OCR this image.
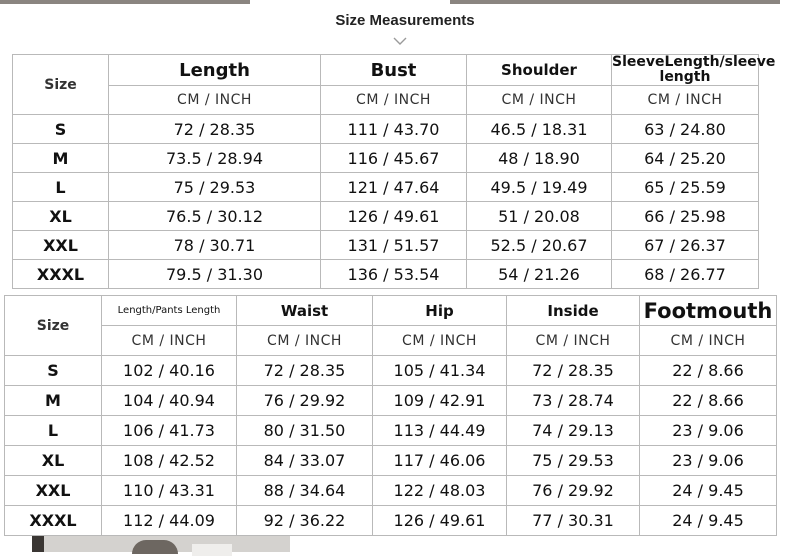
Size Measurements
Size	Length	Bust	Shoulder	SleeveLength/sleeve length
	CM / INCH	CM / INCH	CM / INCH	CM / INCH
S	72 / 28.35	111 / 43.70	46.5 / 18.31	63 / 24.80
M	73.5 / 28.94	116 / 45.67	48 / 18.90	64 / 25.20
L	75 / 29.53	121 / 47.64	49.5 / 19.49	65 / 25.59
XL	76.5 / 30.12	126 / 49.61	51 / 20.08	66 / 25.98
XXL	78 / 30.71	131 / 51.57	52.5 / 20.67	67 / 26.37
XXXL	79.5 / 31.30	136 / 53.54	54 / 21.26	68 / 26.77
Size	Length/Pants Length	Waist	Hip	Inside	Footmouth
	CM / INCH	CM / INCH	CM / INCH	CM / INCH	CM / INCH
S	102 / 40.16	72 / 28.35	105 / 41.34	72 / 28.35	22 / 8.66
M	104 / 40.94	76 / 29.92	109 / 42.91	73 / 28.74	22 / 8.66
L	106 / 41.73	80 / 31.50	113 / 44.49	74 / 29.13	23 / 9.06
XL	108 / 42.52	84 / 33.07	117 / 46.06	75 / 29.53	23 / 9.06
XXL	110 / 43.31	88 / 34.64	122 / 48.03	76 / 29.92	24 / 9.45
XXXL	112 / 44.09	92 / 36.22	126 / 49.61	77 / 30.31	24 / 9.45
